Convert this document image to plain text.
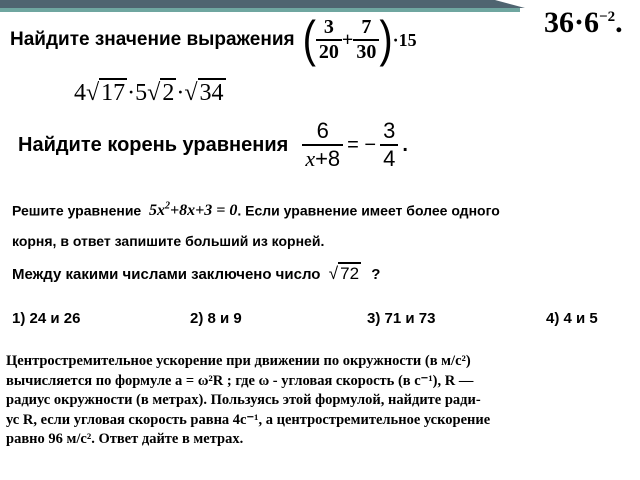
Найдите значение выражения ( $\frac{3}{20} + \frac{7}{30}$ ) ·15
$36\cdot 6^{-2}$.
4√17·5√2·√34
Найдите корень уравнения $\frac{6}{x+8}$ = − $\frac{3}{4}$ .
Решите уравнение $5x^2+8x+3 = 0$. Если уравнение имеет более одного
корня, в ответ запишите больший из корней.
Между какими числами заключено число √ 72 ?
1) 24 и 26	2) 8 и 9	3) 71 и 73	4) 4 и 5
Центростремительное ускорение при движении по окружности (в м/с²)
вычисляется по формуле a = ω²R ; где ω - угловая скорость (в с⁻¹), R —
радиус окружности (в метрах). Пользуясь этой формулой, найдите ради-
ус R, если угловая скорость равна 4с⁻¹, а центростремительное ускорение
равно 96 м/с². Ответ дайте в метрах.
